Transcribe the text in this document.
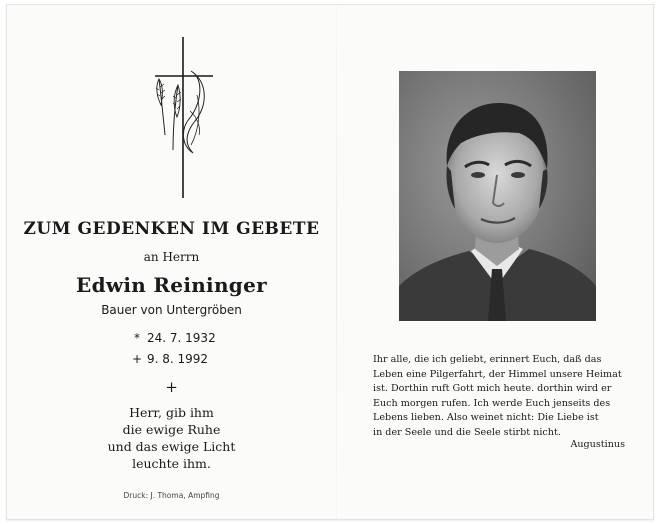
ZUM GEDENKEN IM GEBETE
an Herrn
Edwin Reininger
Bauer von Untergröben
* 24. 7. 1932
+ 9. 8. 1992
+
Herr, gib ihm
die ewige Ruhe
und das ewige Licht
leuchte ihm.
Druck: J. Thoma, Ampfing
Ihr alle, die ich geliebt, erinnert Euch, daß das
Leben eine Pilgerfahrt, der Himmel unsere Heimat
ist. Dorthin ruft Gott mich heute. dorthin wird er
Euch morgen rufen. Ich werde Euch jenseits des
Lebens lieben. Also weinet nicht: Die Liebe ist
in der Seele und die Seele stirbt nicht.
Augustinus
